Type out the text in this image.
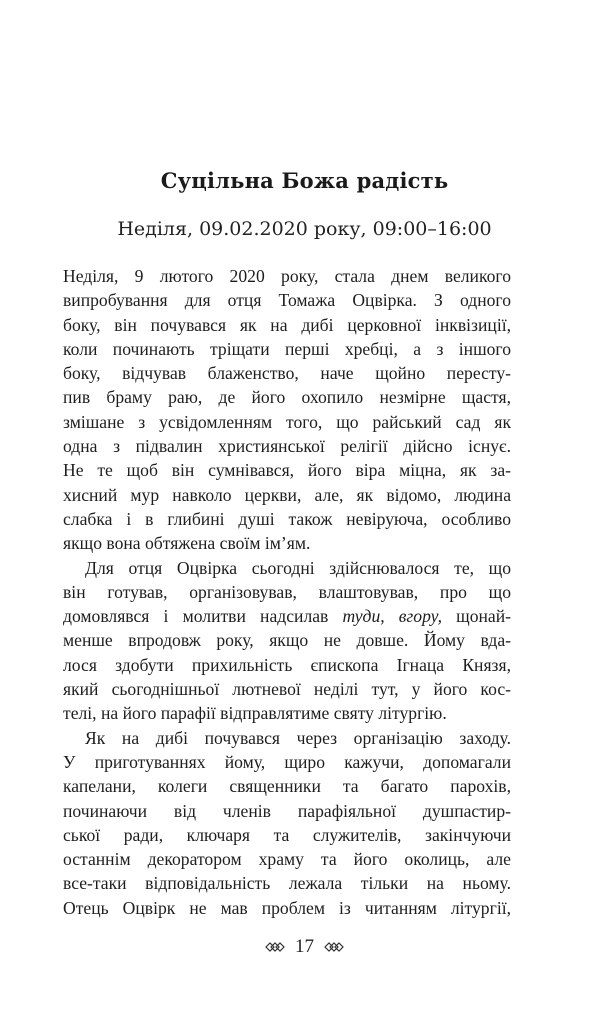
Суцільна Божа радість
Неділя, 09.02.2020 року, 09:00–16:00
Неділя, 9 лютого 2020 року, стала днем великого
випробування для отця Томажа Оцвірка. З одного
боку, він почувався як на дибі церковної інквізиції,
коли починають тріщати перші хребці, а з іншого
боку, відчував блаженство, наче щойно пересту-
пив браму раю, де його охопило незмірне щастя,
змішане з усвідомленням того, що райський сад як
одна з підвалин християнської релігії дійсно існує.
Не те щоб він сумнівався, його віра міцна, як за-
хисний мур навколо церкви, але, як відомо, людина
слабка і в глибині душі також невіруюча, особливо
якщо вона обтяжена своїм ім’ям.
Для отця Оцвірка сьогодні здійснювалося те, що
він готував, організовував, влаштовував, про що
домовлявся і молитви надсилав туди, вгору, щонай-
менше впродовж року, якщо не довше. Йому вда-
лося здобути прихильність єпископа Ігнаца Князя,
який сьогоднішньої лютневої неділі тут, у його кос-
телі, на його парафії відправлятиме святу літургію.
Як на дибі почувався через організацію заходу.
У приготуваннях йому, щиро кажучи, допомагали
капелани, колеги священники та багато парохів,
починаючи від членів парафіяльної душпастир-
ської ради, ключаря та служителів, закінчуючи
останнім декоратором храму та його околиць, але
все-таки відповідальність лежала тільки на ньому.
Отець Оцвірк не мав проблем із читанням літургії,
17
